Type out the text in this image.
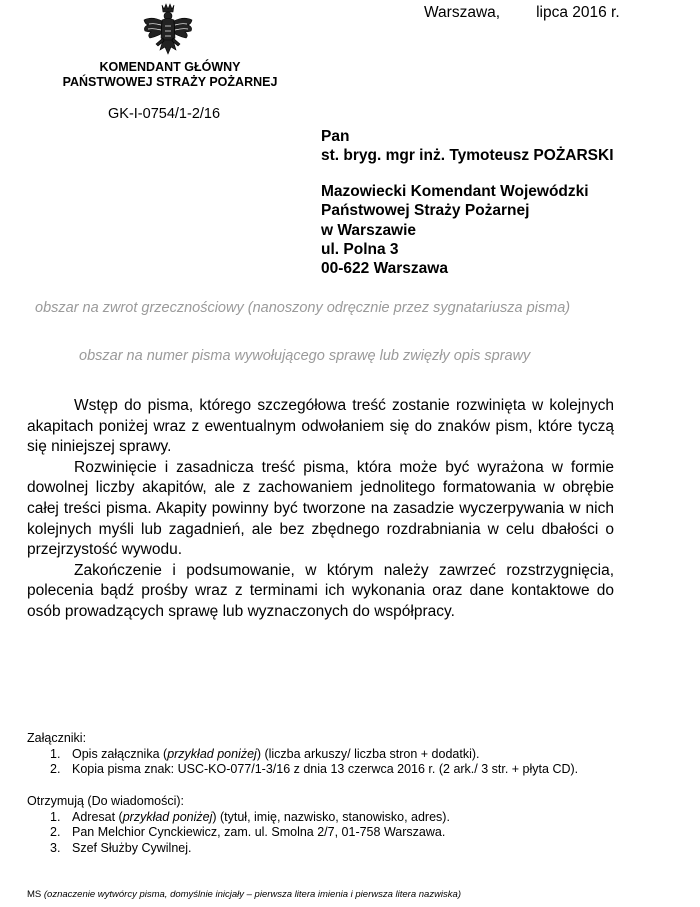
KOMENDANT GŁÓWNY
PAŃSTWOWEJ STRAŻY POŻARNEJ
Warszawa, lipca 2016 r.
GK-I-0754/1-2/16
Pan
st. bryg. mgr inż. Tymoteusz POŻARSKI
Mazowiecki Komendant Wojewódzki
Państwowej Straży Pożarnej
w Warszawie
ul. Polna 3
00-622 Warszawa
obszar na zwrot grzecznościowy (nanoszony odręcznie przez sygnatariusza pisma)
obszar na numer pisma wywołującego sprawę lub zwięzły opis sprawy

Wstęp do pisma, którego szczegółowa treść zostanie rozwinięta w kolejnych akapitach poniżej wraz z ewentualnym odwołaniem się do znaków pism, które tyczą się niniejszej sprawy.

Rozwinięcie i zasadnicza treść pisma, która może być wyrażona w formie dowolnej liczby akapitów, ale z zachowaniem jednolitego formatowania w obrębie całej treści pisma. Akapity powinny być tworzone na zasadzie wyczerpywania w nich kolejnych myśli lub zagadnień, ale bez zbędnego rozdrabniania w celu dbałości o przejrzystość wywodu.

Zakończenie i podsumowanie, w którym należy zawrzeć rozstrzygnięcia, polecenia bądź prośby wraz z terminami ich wykonania oraz dane kontaktowe do osób prowadzących sprawę lub wyznaczonych do współpracy.

Załączniki:
1. Opis załącznika (przykład poniżej) (liczba arkuszy/ liczba stron + dodatki).
2. Kopia pisma znak: USC-KO-077/1-3/16 z dnia 13 czerwca 2016 r. (2 ark./ 3 str. + płyta CD).
Otrzymują (Do wiadomości):
1. Adresat (przykład poniżej) (tytuł, imię, nazwisko, stanowisko, adres).
2. Pan Melchior Cynckiewicz, zam. ul. Smolna 2/7, 01-758 Warszawa.
3. Szef Służby Cywilnej.
MS (oznaczenie wytwórcy pisma, domyślnie inicjały – pierwsza litera imienia i pierwsza litera nazwiska)
